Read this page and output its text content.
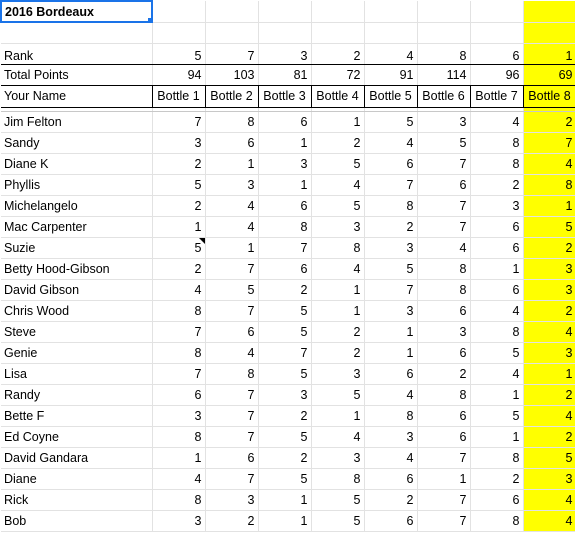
2016 Bordeaux

Rank	5	7	3	2	4	8	6	1
Total Points	94	103	81	72	91	114	96	69
Your Name	Bottle 1	Bottle 2	Bottle 3	Bottle 4	Bottle 5	Bottle 6	Bottle 7	Bottle 8

Jim Felton	7	8	6	1	5	3	4	2
Sandy	3	6	1	2	4	5	8	7
Diane K	2	1	3	5	6	7	8	4
Phyllis	5	3	1	4	7	6	2	8
Michelangelo	2	4	6	5	8	7	3	1
Mac Carpenter	1	4	8	3	2	7	6	5
Suzie	5	1	7	8	3	4	6	2
Betty Hood-Gibson	2	7	6	4	5	8	1	3
David Gibson	4	5	2	1	7	8	6	3
Chris Wood	8	7	5	1	3	6	4	2
Steve	7	6	5	2	1	3	8	4
Genie	8	4	7	2	1	6	5	3
Lisa	7	8	5	3	6	2	4	1
Randy	6	7	3	5	4	8	1	2
Bette F	3	7	2	1	8	6	5	4
Ed Coyne	8	7	5	4	3	6	1	2
David Gandara	1	6	2	3	4	7	8	5
Diane	4	7	5	8	6	1	2	3
Rick	8	3	1	5	2	7	6	4
Bob	3	2	1	5	6	7	8	4
